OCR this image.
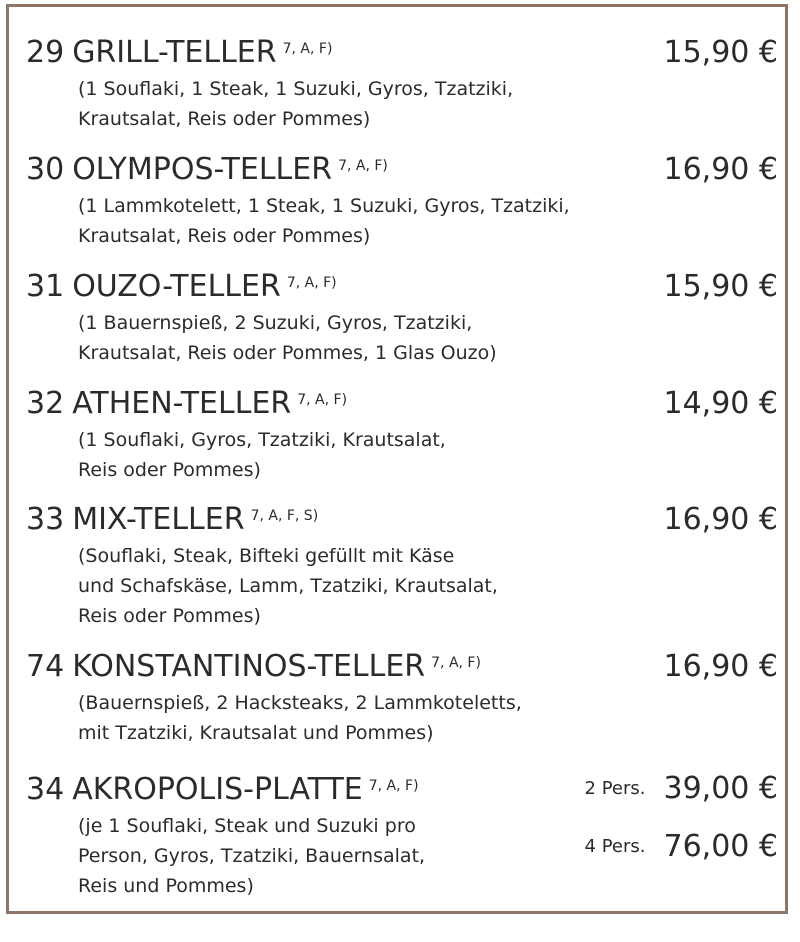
29 GRILL-TELLER $^{7, A, F)}$	15,90 €
(1 Souflaki, 1 Steak, 1 Suzuki, Gyros, Tzatziki,
Krautsalat, Reis oder Pommes)
30 OLYMPOS-TELLER $^{7, A, F)}$	16,90 €
(1 Lammkotelett, 1 Steak, 1 Suzuki, Gyros, Tzatziki,
Krautsalat, Reis oder Pommes)
31 OUZO-TELLER $^{7, A, F)}$	15,90 €
(1 Bauernspieß, 2 Suzuki, Gyros, Tzatziki,
Krautsalat, Reis oder Pommes, 1 Glas Ouzo)
32 ATHEN-TELLER $^{7, A, F)}$	14,90 €
(1 Souflaki, Gyros, Tzatziki, Krautsalat,
Reis oder Pommes)
33 MIX-TELLER $^{7, A, F, S)}$	16,90 €
(Souflaki, Steak, Bifteki gefüllt mit Käse
und Schafskäse, Lamm, Tzatziki, Krautsalat,
Reis oder Pommes)
74 KONSTANTINOS-TELLER $^{7, A, F)}$	16,90 €
(Bauernspieß, 2 Hacksteaks, 2 Lammkoteletts,
mit Tzatziki, Krautsalat und Pommes)
34 AKROPOLIS-PLATTE $^{7, A, F)}$	2 Pers. 39,00 €
(je 1 Souflaki, Steak und Suzuki pro
Person, Gyros, Tzatziki, Bauernsalat,
Reis und Pommes)
4 Pers. 76,00 €
